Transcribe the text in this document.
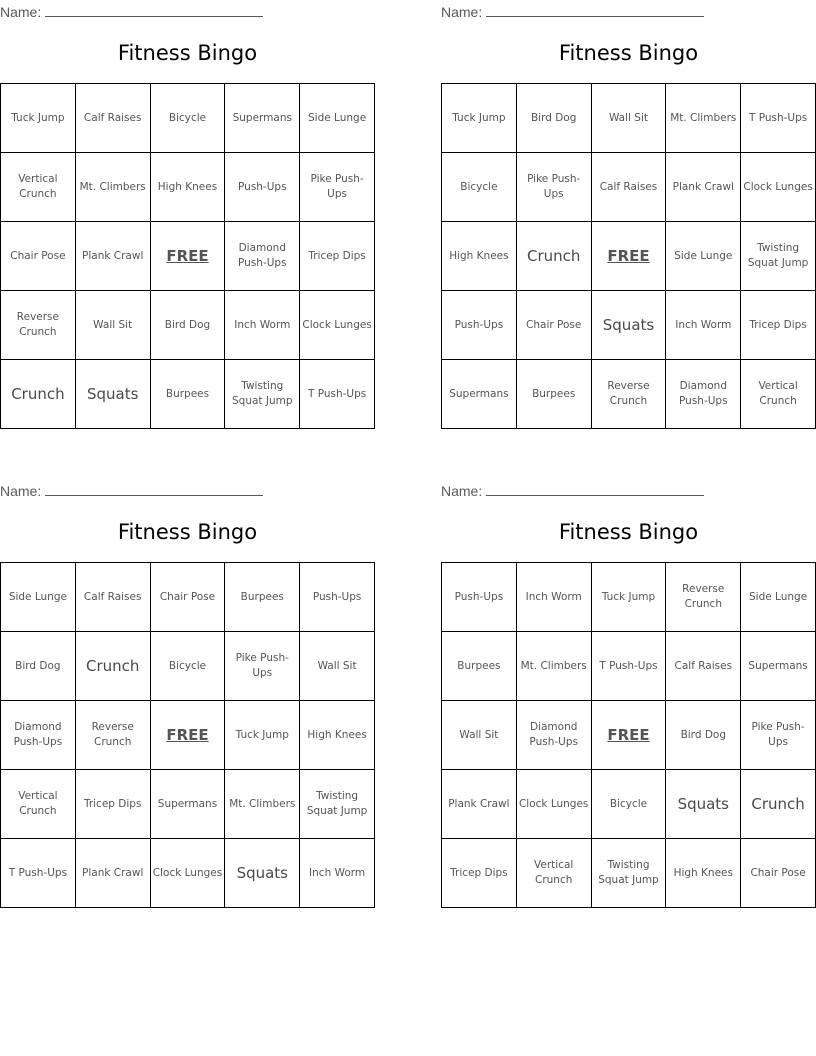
Name:
Fitness Bingo
Tuck Jump	Calf Raises	Bicycle	Supermans	Side Lunge
Vertical Crunch	Mt. Climbers	High Knees	Push-Ups	Pike Push-Ups
Chair Pose	Plank Crawl	FREE	Diamond Push-Ups	Tricep Dips
Reverse Crunch	Wall Sit	Bird Dog	Inch Worm	Clock Lunges
Crunch	Squats	Burpees	Twisting Squat Jump	T Push-Ups
Name:
Fitness Bingo
Tuck Jump	Bird Dog	Wall Sit	Mt. Climbers	T Push-Ups
Bicycle	Pike Push-Ups	Calf Raises	Plank Crawl	Clock Lunges
High Knees	Crunch	FREE	Side Lunge	Twisting Squat Jump
Push-Ups	Chair Pose	Squats	Inch Worm	Tricep Dips
Supermans	Burpees	Reverse Crunch	Diamond Push-Ups	Vertical Crunch
Name:
Fitness Bingo
Side Lunge	Calf Raises	Chair Pose	Burpees	Push-Ups
Bird Dog	Crunch	Bicycle	Pike Push-Ups	Wall Sit
Diamond Push-Ups	Reverse Crunch	FREE	Tuck Jump	High Knees
Vertical Crunch	Tricep Dips	Supermans	Mt. Climbers	Twisting Squat Jump
T Push-Ups	Plank Crawl	Clock Lunges	Squats	Inch Worm
Name:
Fitness Bingo
Push-Ups	Inch Worm	Tuck Jump	Reverse Crunch	Side Lunge
Burpees	Mt. Climbers	T Push-Ups	Calf Raises	Supermans
Wall Sit	Diamond Push-Ups	FREE	Bird Dog	Pike Push-Ups
Plank Crawl	Clock Lunges	Bicycle	Squats	Crunch
Tricep Dips	Vertical Crunch	Twisting Squat Jump	High Knees	Chair Pose
